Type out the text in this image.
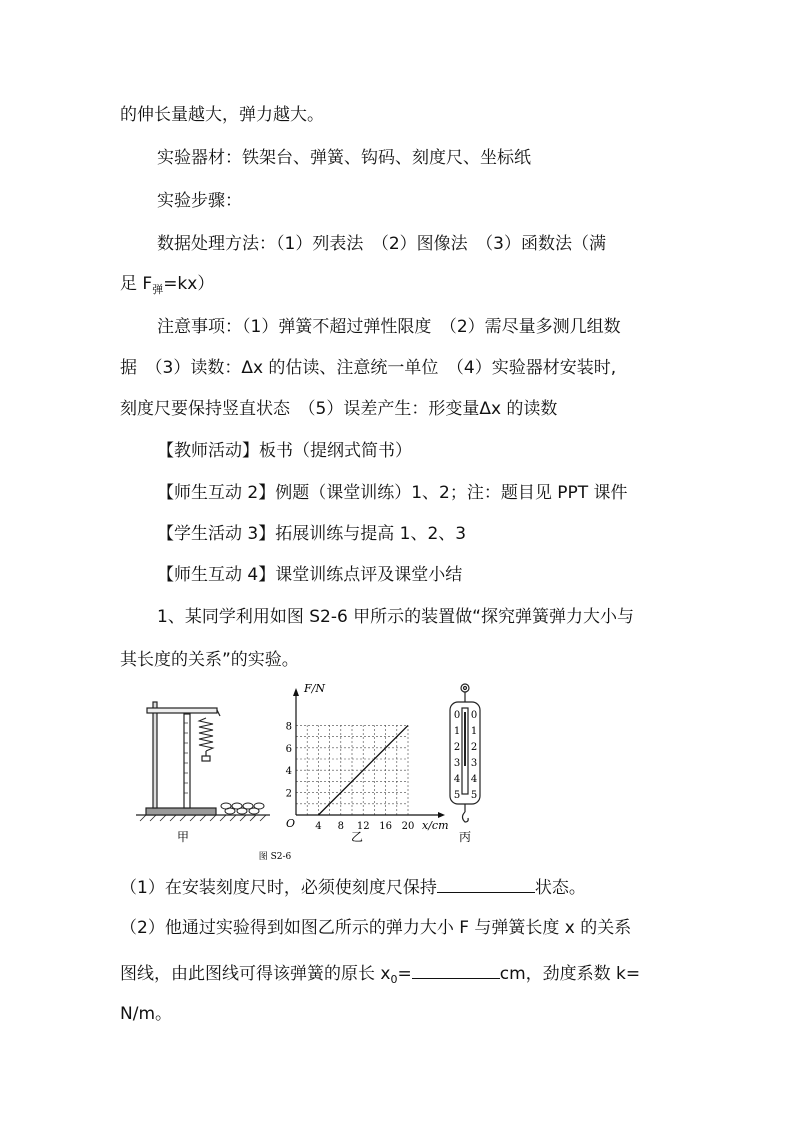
的伸长量越大，弹力越大。
实验器材：铁架台、弹簧、钩码、刻度尺、坐标纸
实验步骤：
数据处理方法：（1）列表法　（2）图像法　（3）函数法（满
足 $F_弹=kx$）
注意事项：（1）弹簧不超过弹性限度　（2）需尽量多测几组数
据　（3）读数：Δx 的估读、注意统一单位　（4）实验器材安装时,
刻度尺要保持竖直状态　（5）误差产生：形变量Δx 的读数
【教师活动】板书（提纲式简书）
【师生互动 2】例题（课堂训练）1、2；注：题目见 PPT 课件
【学生活动 3】拓展训练与提高 1、2、3
【师生互动 4】课堂训练点评及课堂小结
1、某同学利用如图 S2-6 甲所示的装置做“探究弹簧弹力大小与
其长度的关系”的实验。
甲
4 8 12 16 20
2
4
6
8
F/N
x/cm
O
乙
0 0
1 1
2 2
3 3
4 4
5 5
丙
图 S2-6
（1）在安装刻度尺时，必须使刻度尺保持	状态。
（2）他通过实验得到如图乙所示的弹力大小 F 与弹簧长度 x 的关系
图线，由此图线可得该弹簧的原长 $x_0=$	cm，劲度系数 k=
N/m。
